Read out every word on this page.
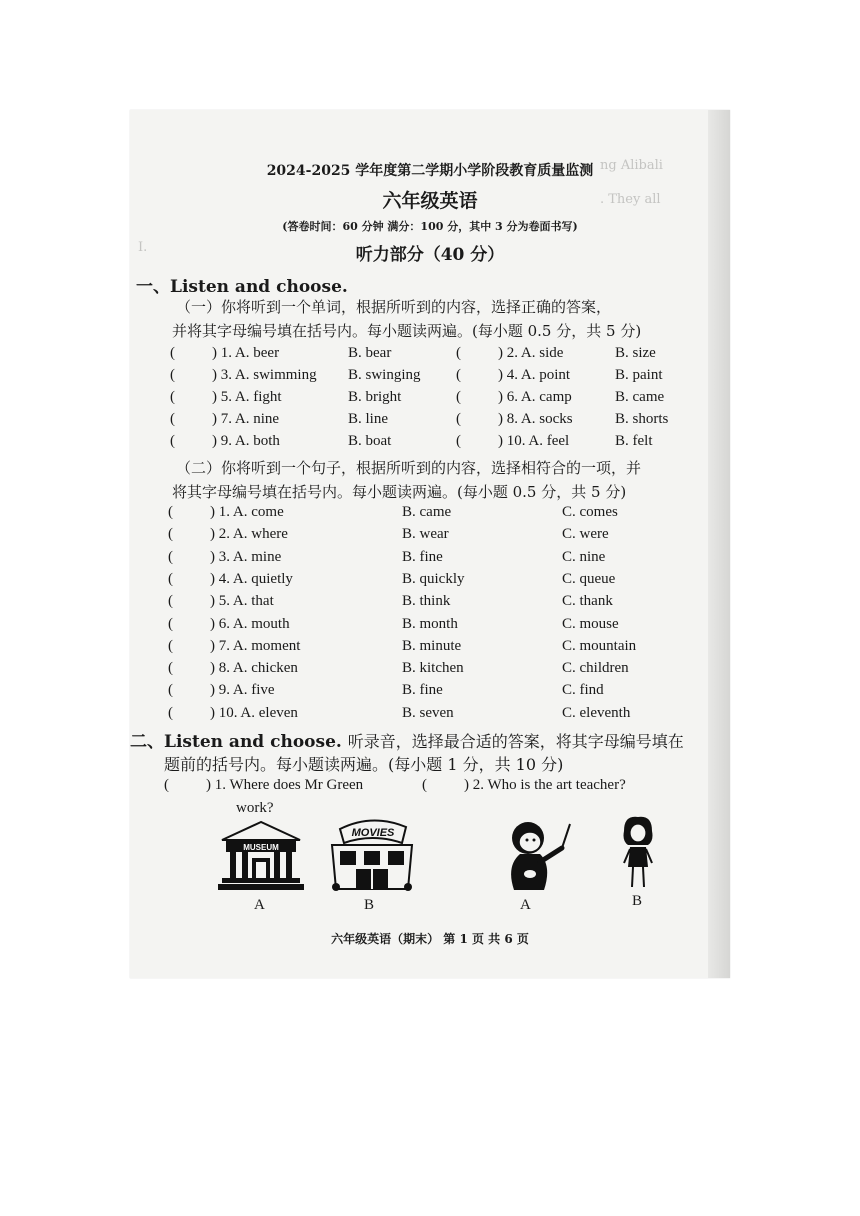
ng Alibali
. They all
I.
2024-2025 学年度第二学期小学阶段教育质量监测
六年级英语
(答卷时间：60 分钟 满分：100 分，其中 3 分为卷面书写)
听力部分（40 分）
一、Listen and choose.
（一）你将听到一个单词，根据所听到的内容，选择正确的答案，
并将其字母编号填在括号内。每小题读两遍。(每小题 0.5 分，共 5 分)
( ) 1. A. beer	B. bear	( ) 2. A. side	B. size
( ) 3. A. swimming B. swinging ( ) 4. A. point	B. paint
( ) 5. A. fight	B. bright	( ) 6. A. camp	B. came
( ) 7. A. nine	B. line	( ) 8. A. socks	B. shorts
( ) 9. A. both	B. boat	( ) 10. A. feel	B. felt
（二）你将听到一个句子，根据所听到的内容，选择相符合的一项，并
将其字母编号填在括号内。每小题读两遍。(每小题 0.5 分，共 5 分)
( ) 1. A. come	B. came	C. comes
( ) 2. A. where	B. wear	C. were
( ) 3. A. mine	B. fine	C. nine
( ) 4. A. quietly	B. quickly	C. queue
( ) 5. A. that	B. think	C. thank
( ) 6. A. mouth	B. month	C. mouse
( ) 7. A. moment	B. minute	C. mountain
( ) 8. A. chicken	B. kitchen	C. children
( ) 9. A. five	B. fine	C. find
( ) 10. A. eleven	B. seven	C. eleventh
二、Listen and choose. 听录音，选择最合适的答案，将其字母编号填在
题前的括号内。每小题读两遍。(每小题 1 分，共 10 分)
( ) 1. Where does Mr Green
work?
( ) 2. Who is the art teacher?
MUSEUM
MOVIES
A	B	A	B
六年级英语（期末） 第 1 页 共 6 页
